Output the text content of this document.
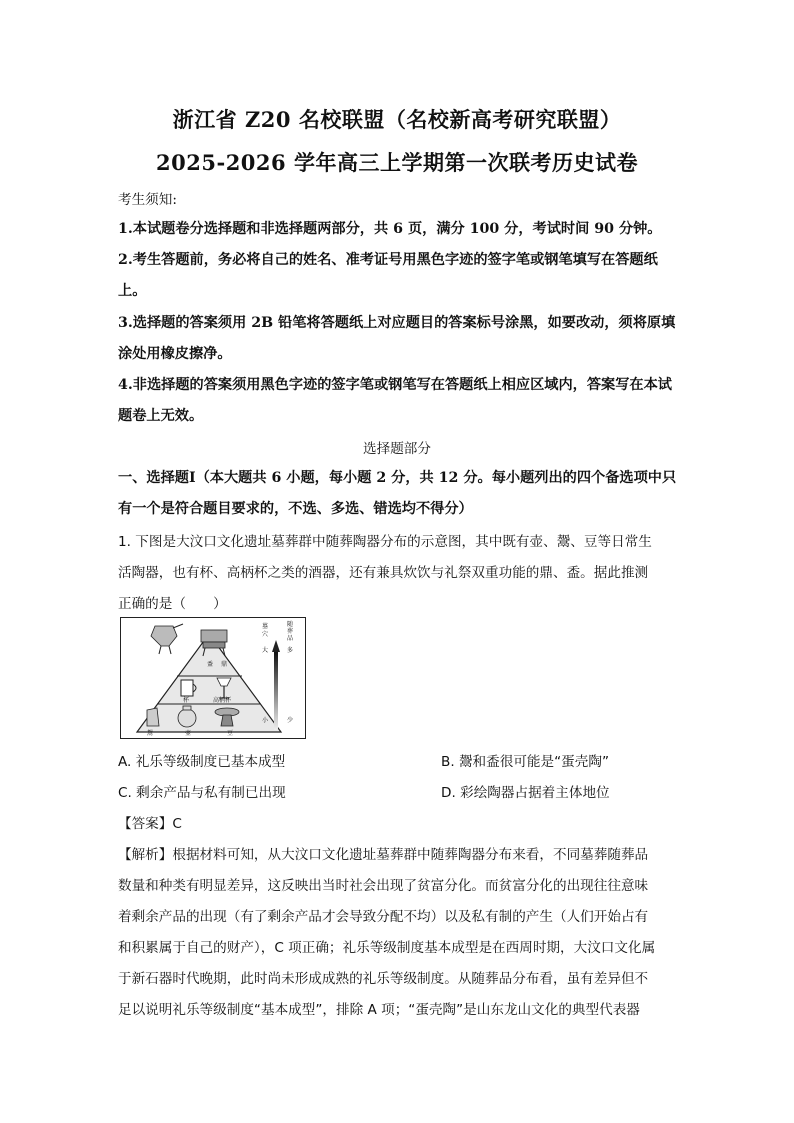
浙江省 Z20 名校联盟（名校新高考研究联盟）
2025-2026 学年高三上学期第一次联考历史试卷
考生须知:
1.本试题卷分选择题和非选择题两部分，共 6 页，满分 100 分，考试时间 90 分钟。
2.考生答题前，务必将自己的姓名、准考证号用黑色字迹的签字笔或钢笔填写在答题纸
上。
3.选择题的答案须用 2B 铅笔将答题纸上对应题目的答案标号涂黑，如要改动，须将原填
涂处用橡皮擦净。
4.非选择题的答案须用黑色字迹的签字笔或钢笔写在答题纸上相应区域内，答案写在本试
题卷上无效。
选择题部分
一、选择题Ⅰ（本大题共 6 小题，每小题 2 分，共 12 分。每小题列出的四个备选项中只
有一个是符合题目要求的，不选、多选、错选均不得分）
1. 下图是大汶口文化遗址墓葬群中随葬陶器分布的示意图，其中既有壶、鬶、豆等日常生
活陶器，也有杯、高柄杯之类的酒器，还有兼具炊饮与礼祭双重功能的鼎、盉。据此推测
正确的是（　　）
盉 鼎
杯	高柄杯
鬶	壶	豆
墓
穴
大
随
葬
品
多
小	少
A. 礼乐等级制度已基本成型	B. 鬶和盉很可能是“蛋壳陶”
C. 剩余产品与私有制已出现	D. 彩绘陶器占据着主体地位
【答案】C
【解析】根据材料可知，从大汶口文化遗址墓葬群中随葬陶器分布来看，不同墓葬随葬品
数量和种类有明显差异，这反映出当时社会出现了贫富分化。而贫富分化的出现往往意味
着剩余产品的出现（有了剩余产品才会导致分配不均）以及私有制的产生（人们开始占有
和积累属于自己的财产），C 项正确；礼乐等级制度基本成型是在西周时期，大汶口文化属
于新石器时代晚期，此时尚未形成成熟的礼乐等级制度。从随葬品分布看，虽有差异但不
足以说明礼乐等级制度“基本成型”，排除 A 项；“蛋壳陶”是山东龙山文化的典型代表器
